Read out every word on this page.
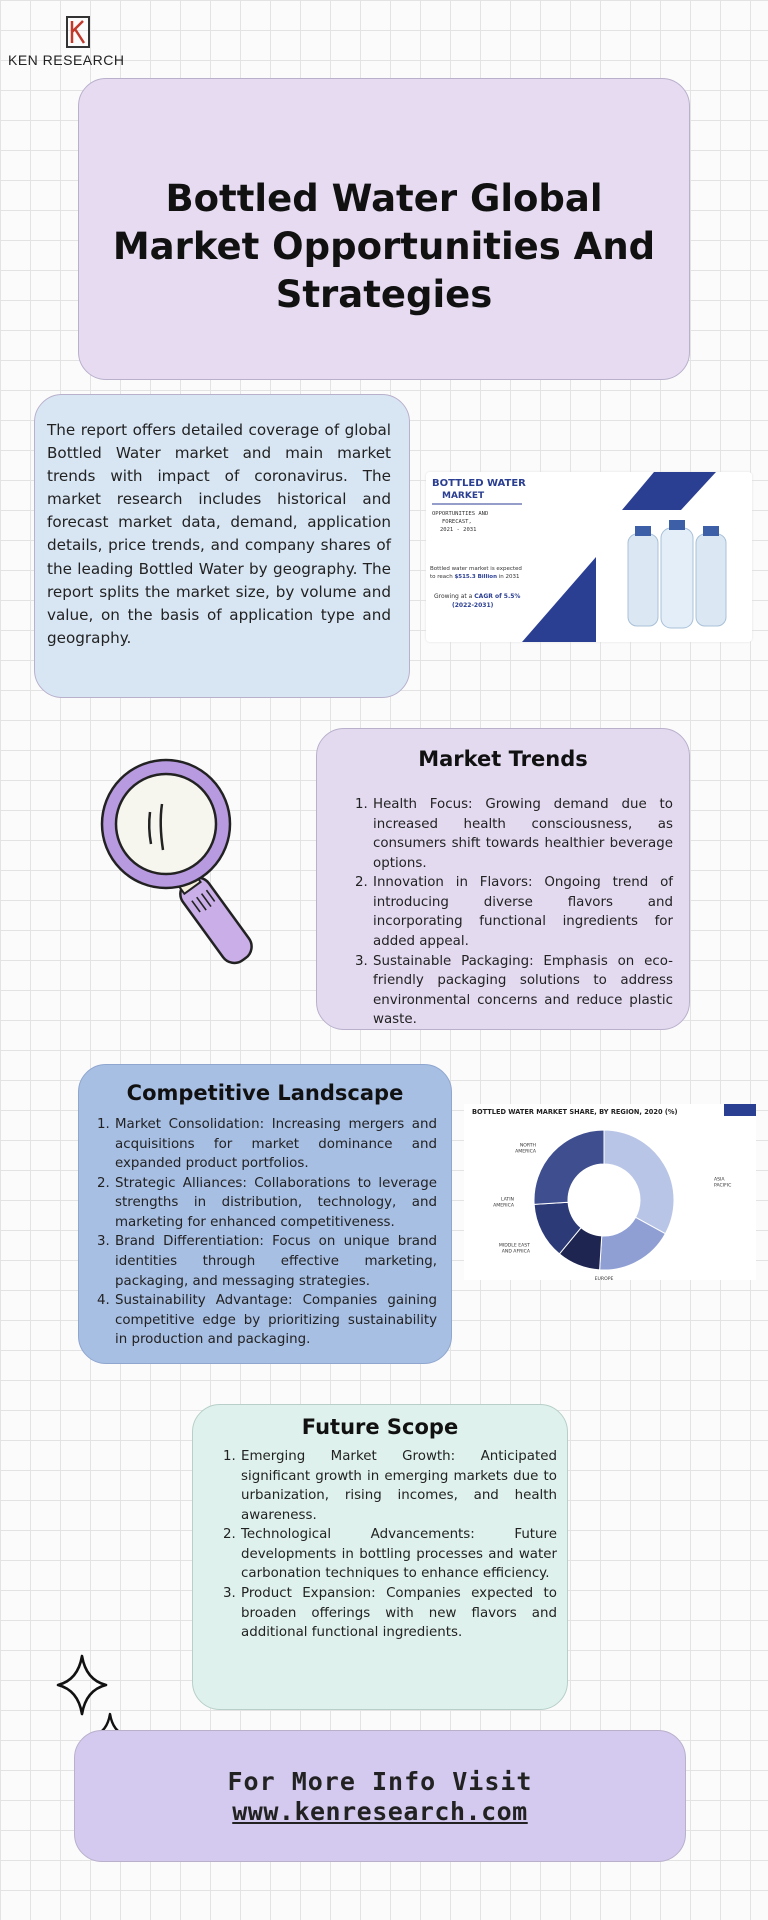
KEN RESEARCH
Bottled Water Global Market Opportunities And Strategies

The report offers detailed coverage of global Bottled Water market and main market trends with impact of coronavirus. The market research includes historical and forecast market data, demand, application details, price trends, and company shares of the leading Bottled Water by geography. The report splits the market size, by volume and value, on the basis of application type and geography.

BOTTLED WATER
MARKET
OPPORTUNITIES AND
FORECAST,
2021 - 2031
Bottled water market is expected
to reach $515.3 Billion in 2031
Growing at a CAGR of 5.5%
(2022-2031)
Market Trends
Health Focus: Growing demand due to increased health consciousness, as consumers shift towards healthier beverage options.
Innovation in Flavors: Ongoing trend of introducing diverse flavors and incorporating functional ingredients for added appeal.
Sustainable Packaging: Emphasis on eco-friendly packaging solutions to address environmental concerns and reduce plastic waste.
Competitive Landscape
Market Consolidation: Increasing mergers and acquisitions for market dominance and expanded product portfolios.
Strategic Alliances: Collaborations to leverage strengths in distribution, technology, and marketing for enhanced competitiveness.
Brand Differentiation: Focus on unique brand identities through effective marketing, packaging, and messaging strategies.
Sustainability Advantage: Companies gaining competitive edge by prioritizing sustainability in production and packaging.
BOTTLED WATER MARKET SHARE, BY REGION, 2020 (%)
ASIA PACIFIC
EUROPE
MIDDLE EAST AND AFRICA
LATIN AMERICA
NORTH AMERICA
Future Scope
Emerging Market Growth: Anticipated significant growth in emerging markets due to urbanization, rising incomes, and health awareness.
Technological Advancements: Future developments in bottling processes and water carbonation techniques to enhance efficiency.
Product Expansion: Companies expected to broaden offerings with new flavors and additional functional ingredients.
For More Info Visit
www.kenresearch.com
